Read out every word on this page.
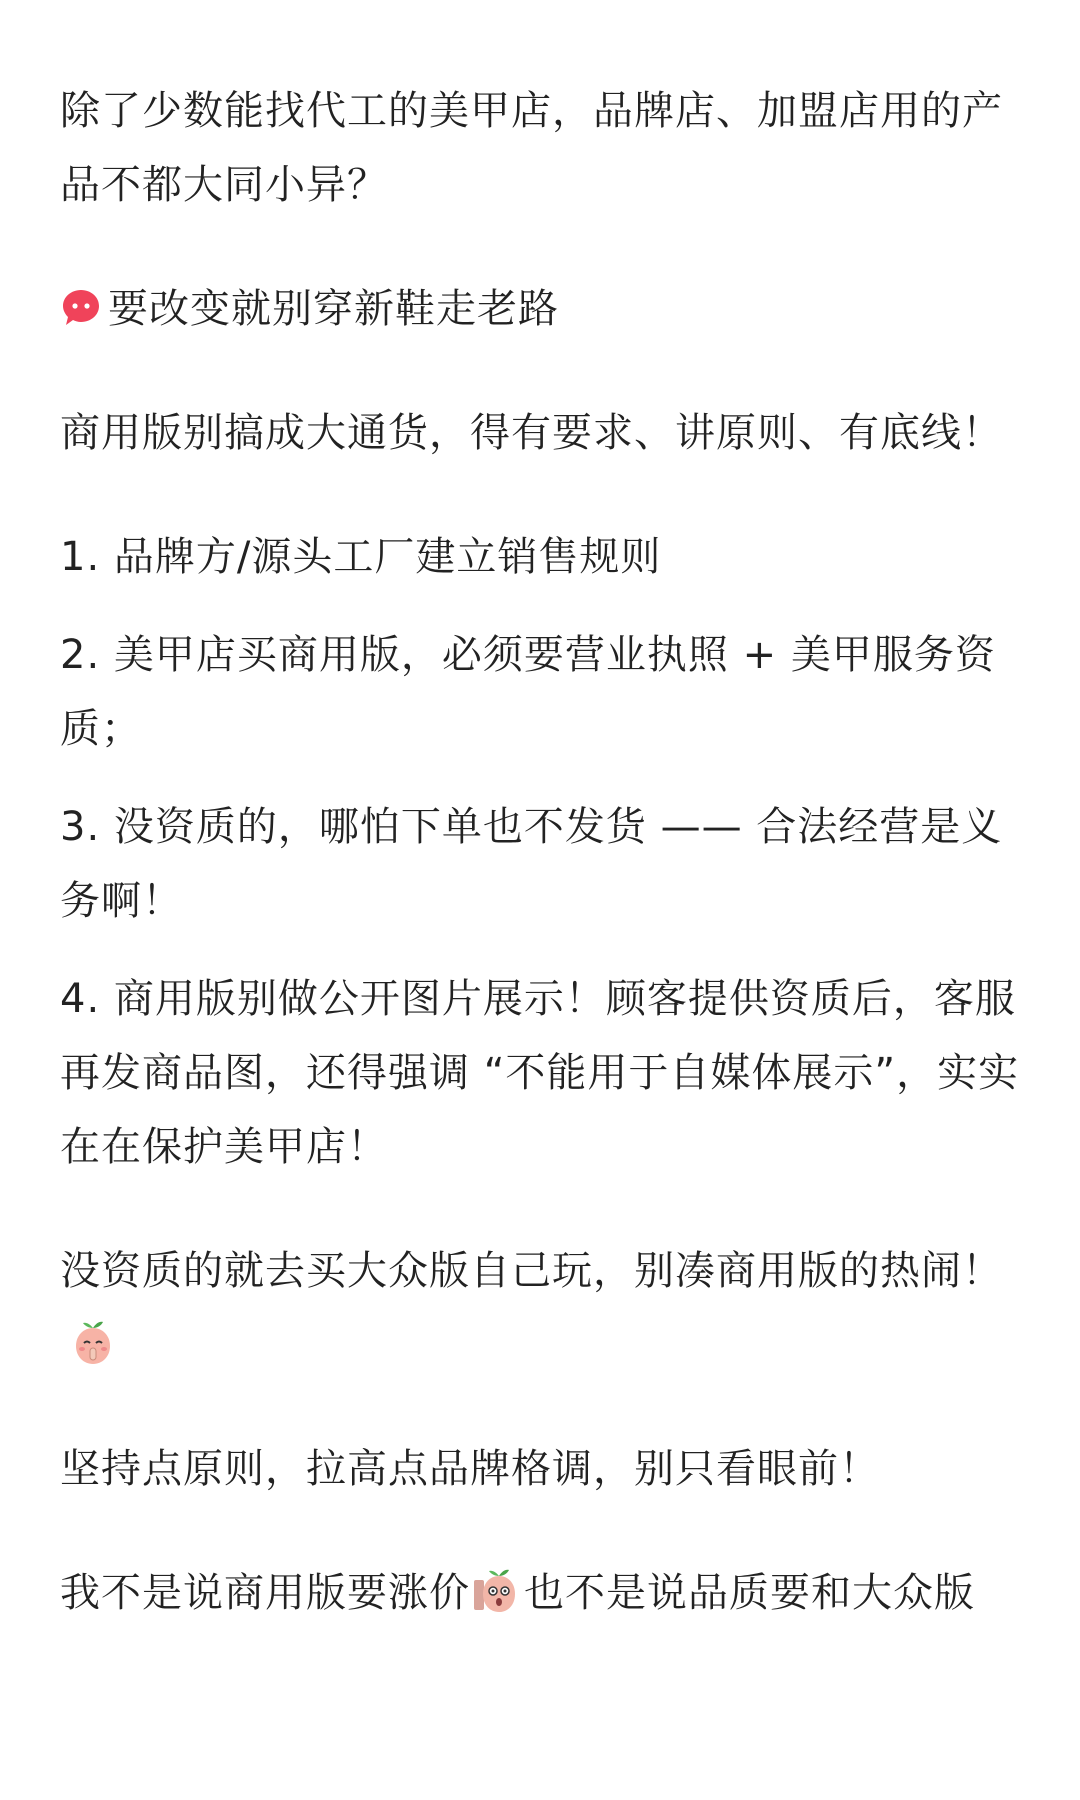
除了少数能找代工的美甲店，品牌店、加盟店用的产品不都大同小异？

要改变就别穿新鞋走老路

商用版别搞成大通货，得有要求、讲原则、有底线！

1. 品牌方/源头工厂建立销售规则

2. 美甲店买商用版，必须要营业执照 + 美甲服务资质；

3. 没资质的，哪怕下单也不发货 —— 合法经营是义务啊！

4. 商用版别做公开图片展示！顾客提供资质后，客服再发商品图，还得强调 “不能用于自媒体展示”，实实在在保护美甲店！

没资质的就去买大众版自己玩，别凑商用版的热闹！

坚持点原则，拉高点品牌格调，别只看眼前！

我不是说商用版要涨价 也不是说品质要和大众版
